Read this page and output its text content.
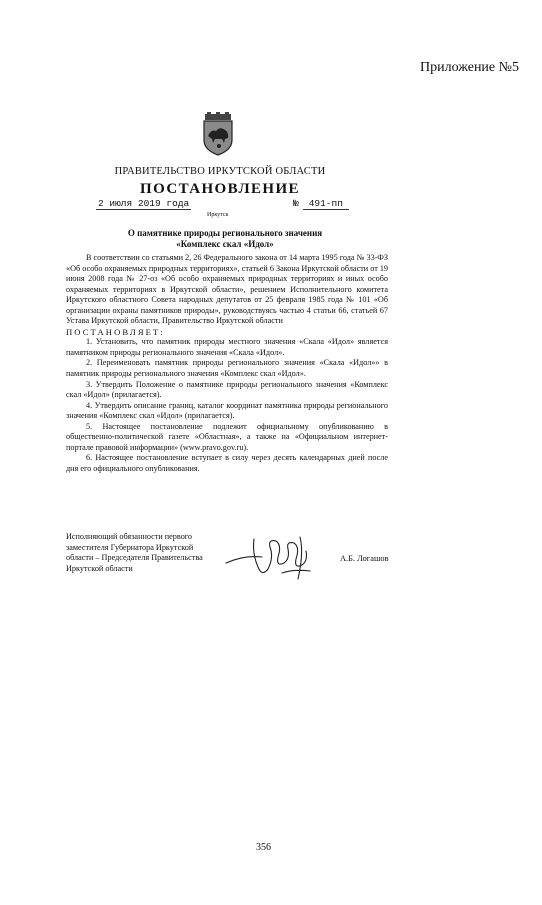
Приложение №5
ПРАВИТЕЛЬСТВО ИРКУТСКОЙ ОБЛАСТИ
ПОСТАНОВЛЕНИЕ
2 июля 2019 года	№ 491-пп
Иркутск
О памятнике природы регионального значения
«Комплекс скал «Идол»

В соответствии со статьями 2, 26 Федерального закона от 14 марта 1995 года № 33-ФЗ «Об особо охраняемых природных территориях», статьей 6 Закона Иркутской области от 19 июня 2008 года № 27-оз «Об особо охраняемых природных территориях и иных особо охраняемых территориях в Иркутской области», решением Исполнительного комитета Иркутского областного Совета народных депутатов от 25 февраля 1985 года № 101 «Об организации охраны памятников природы», руководствуясь частью 4 статьи 66, статьей 67 Устава Иркутской области, Правительство Иркутской области

ПОСТАНОВЛЯЕТ:

1. Установить, что памятник природы местного значения «Скала «Идол» является памятником природы регионального значения «Скала «Идол».

2. Переименовать памятник природы регионального значения «Скала «Идол»» в памятник природы регионального значения «Комплекс скал «Идол».

3. Утвердить Положение о памятнике природы регионального значения «Комплекс скал «Идол» (прилагается).

4. Утвердить описание границ, каталог координат памятника природы регионального значения «Комплекс скал «Идол» (прилагается).

5. Настоящее постановление подлежит официальному опубликованию в общественно-политической газете «Областная», а также на «Официальном интернет-портале правовой информации» (www.pravo.gov.ru).

6. Настоящее постановление вступает в силу через десять календарных дней после дня его официального опубликования.

Исполняющий обязанности первого
заместителя Губернатора Иркутской
области – Председателя Правительства
Иркутской области
А.Б. Логашов
356
